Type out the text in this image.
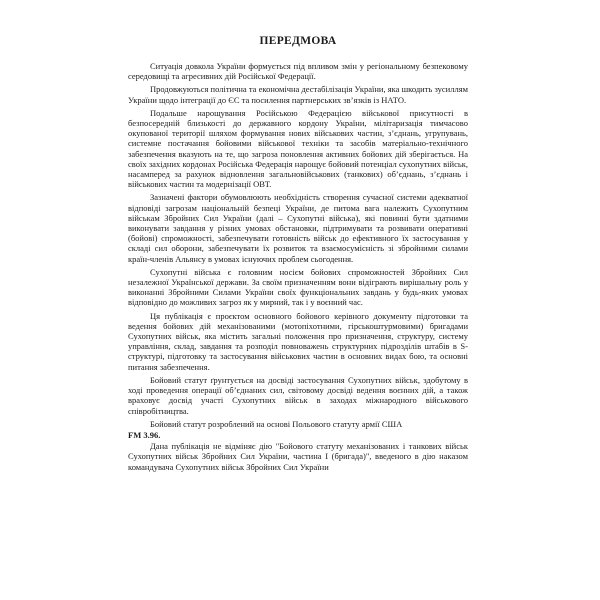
ПЕРЕДМОВА

Ситуація довкола України формується під впливом змін у регіональному безпековому середовищі та агресивних дій Російської Федерації.

Продовжуються політична та економічна дестабілізація України, яка шкодить зусиллям України щодо інтеграції до ЄС та посилення партнерських зв’язків із НАТО.

Подальше нарощування Російською Федерацією військової присутності в безпосередній близькості до державного кордону України, мілітаризація тимчасово окупованої території шляхом формування нових військових частин, з’єднань, угрупувань, системне постачання бойовими військової техніки та засобів матеріально-технічного забезпечення вказують на те, що загроза поновлення активних бойових дій зберігається. На своїх західних кордонах Російська Федерація нарощує бойовий потенціал сухопутних військ, насамперед за рахунок відновлення загальновійськових (танкових) об’єднань, з’єднань і військових частин та модернізації ОВТ.

Зазначені фактори обумовлюють необхідність створення сучасної системи адекватної відповіді загрозам національній безпеці України, де питома вага належить Сухопутним військам Збройних Сил України (далі – Сухопутні війська), які повинні бути здатними виконувати завдання у різних умовах обстановки, підтримувати та розвивати оперативні (бойові) спроможності, забезпечувати готовність військ до ефективного їх застосування у складі сил оборони, забезпечувати їх розвиток та взаємосумісність зі збройними силами країн-членів Альянсу в умовах існуючих проблем сьогодення.

Сухопутні війська є головним носієм бойових спроможностей Збройних Сил незалежної Української держави. За своїм призначенням вони відіграють вирішальну роль у виконанні Збройними Силами України своїх функціональних завдань у будь-яких умовах відповідно до можливих загроз як у мирний, так і у воєнний час.

Ця публікація є проєктом основного бойового керівного документу підготовки та ведення бойових дій механізованими (мотопіхотними, гірськоштурмовими) бригадами Сухопутних військ, яка містить загальні положення про призначення, структуру, систему управління, склад, завдання та розподіл повноважень структурних підрозділів штабів в S-структурі, підготовку та застосування військових частин в основних видах бою, та основні питання забезпечення.

Бойовий статут ґрунтується на досвіді застосування Сухопутних військ, здобутому в ході проведення операції об’єднаних сил, світовому досвіді ведення воєнних дій, а також враховує досвід участі Сухопутних військ в заходах міжнародного військового співробітництва.

Бойовий статут розроблений на основі Польового статуту армії США

FM 3.96.

Дана публікація не відміняє дію "Бойового статуту механізованих і танкових військ Сухопутних військ Збройних Сил України, частина І (бригада)", введеного в дію наказом командувача Сухопутних військ Збройних Сил України
